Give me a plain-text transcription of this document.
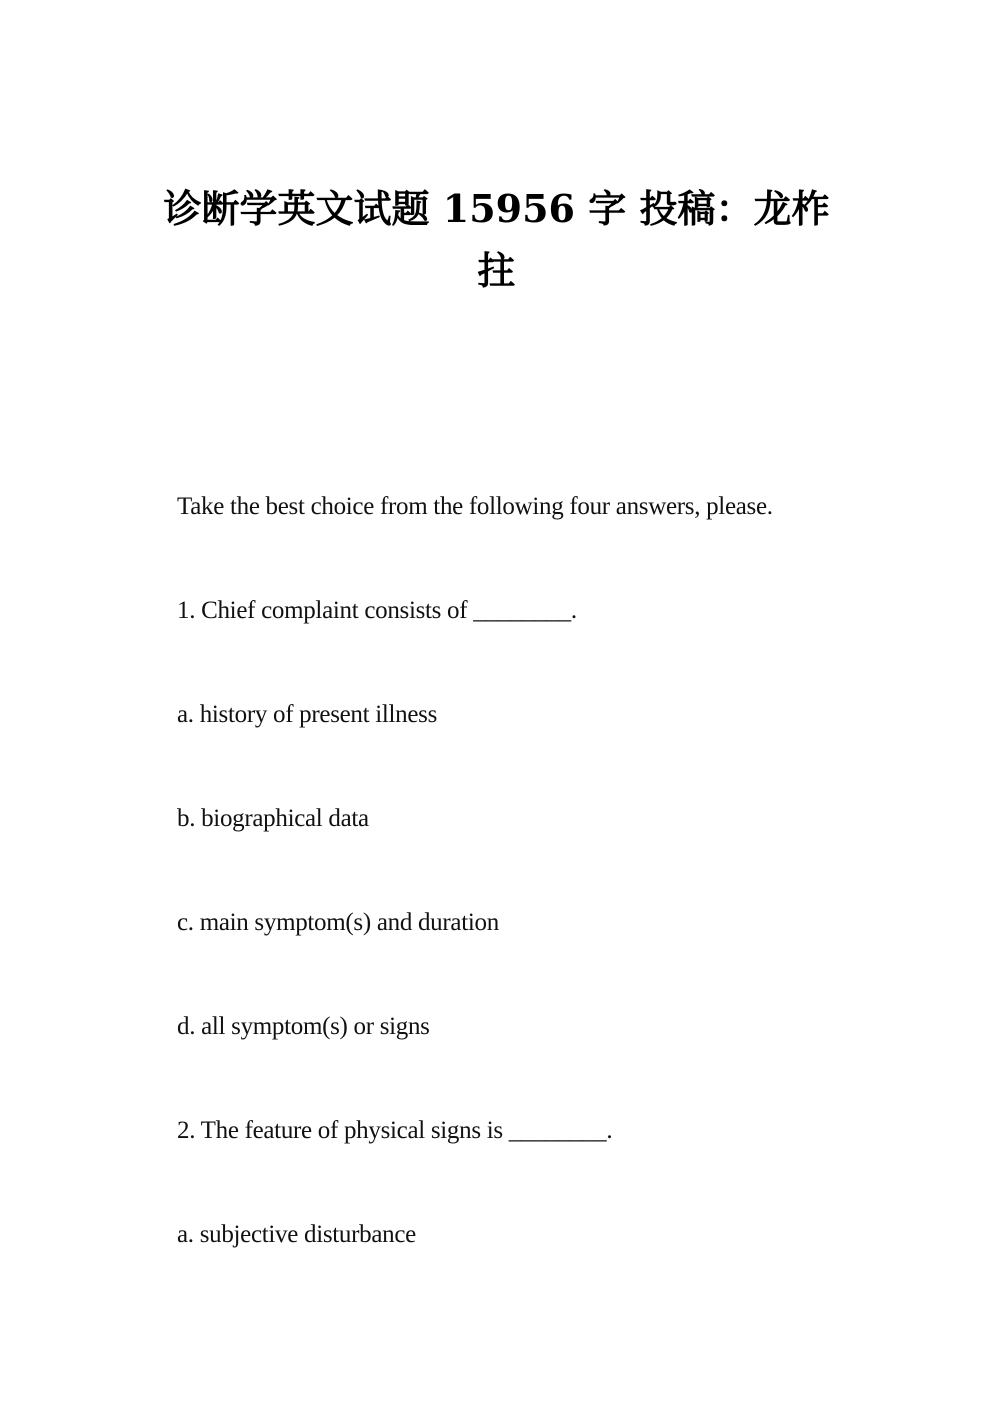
诊断学英文试题 15956 字 投稿：龙柞
拄
Take the best choice from the following four answers, please.
1. Chief complaint consists of ________.
a. history of present illness
b. biographical data
c. main symptom(s) and duration
d. all symptom(s) or signs
2. The feature of physical signs is ________.
a. subjective disturbance
